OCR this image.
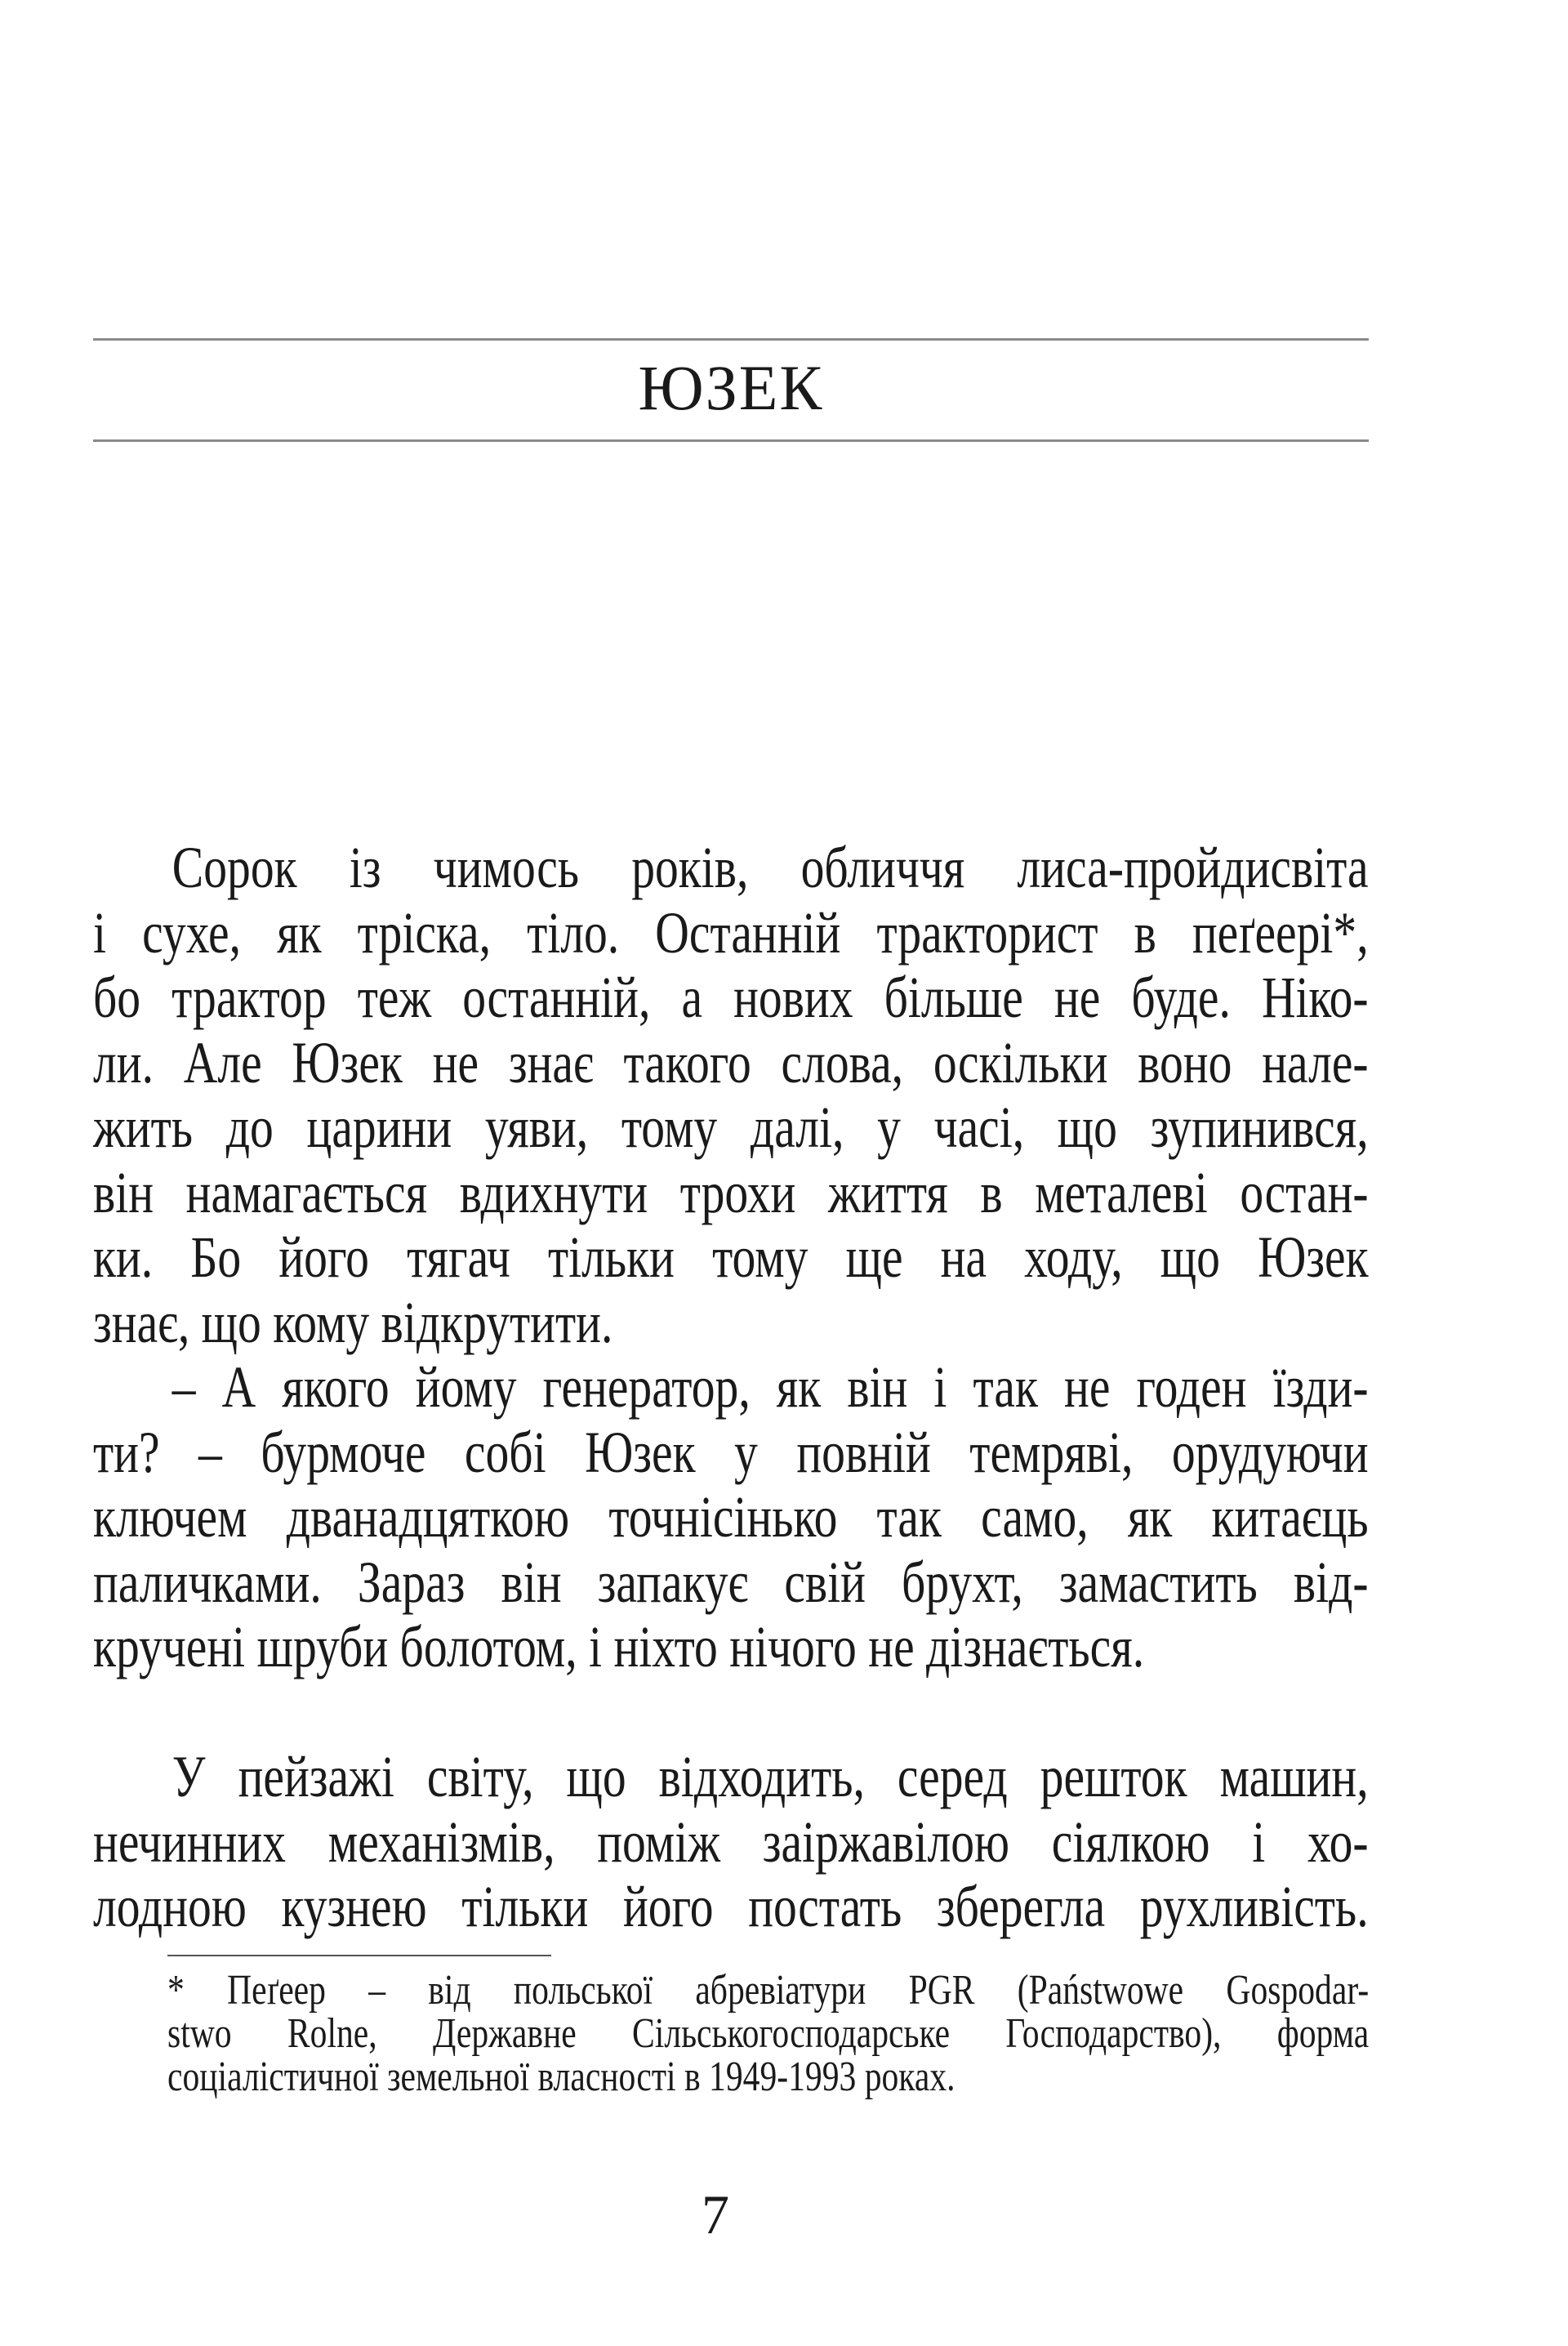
ЮЗЕК
Сорок із чимось років, обличчя лиса-пройдисвіта
і сухе, як тріска, тіло. Останній тракторист в пеґеері*,
бо трактор теж останній, а нових більше не буде. Ніко-
ли. Але Юзек не знає такого слова, оскільки воно нале-
жить до царини уяви, тому далі, у часі, що зупинився,
він намагається вдихнути трохи життя в металеві остан-
ки. Бо його тягач тільки тому ще на ходу, що Юзек
знає, що кому відкрутити.
– А якого йому генератор, як він і так не годен їзди-
ти? – бурмоче собі Юзек у повній темряві, орудуючи
ключем дванадцяткою точнісінько так само, як китаєць
паличками. Зараз він запакує свій брухт, замастить від-
кручені шруби болотом, і ніхто нічого не дізнається.
У пейзажі світу, що відходить, серед решток машин,
нечинних механізмів, поміж заіржавілою сіялкою і хо-
лодною кузнею тільки його постать зберегла рухливість.
* Пеґеер – від польської абревіатури PGR (Państwowe Gospodar-
stwo Rolne, Державне Сільськогосподарське Господарство), форма
соціалістичної земельної власності в 1949-1993 роках.
7
